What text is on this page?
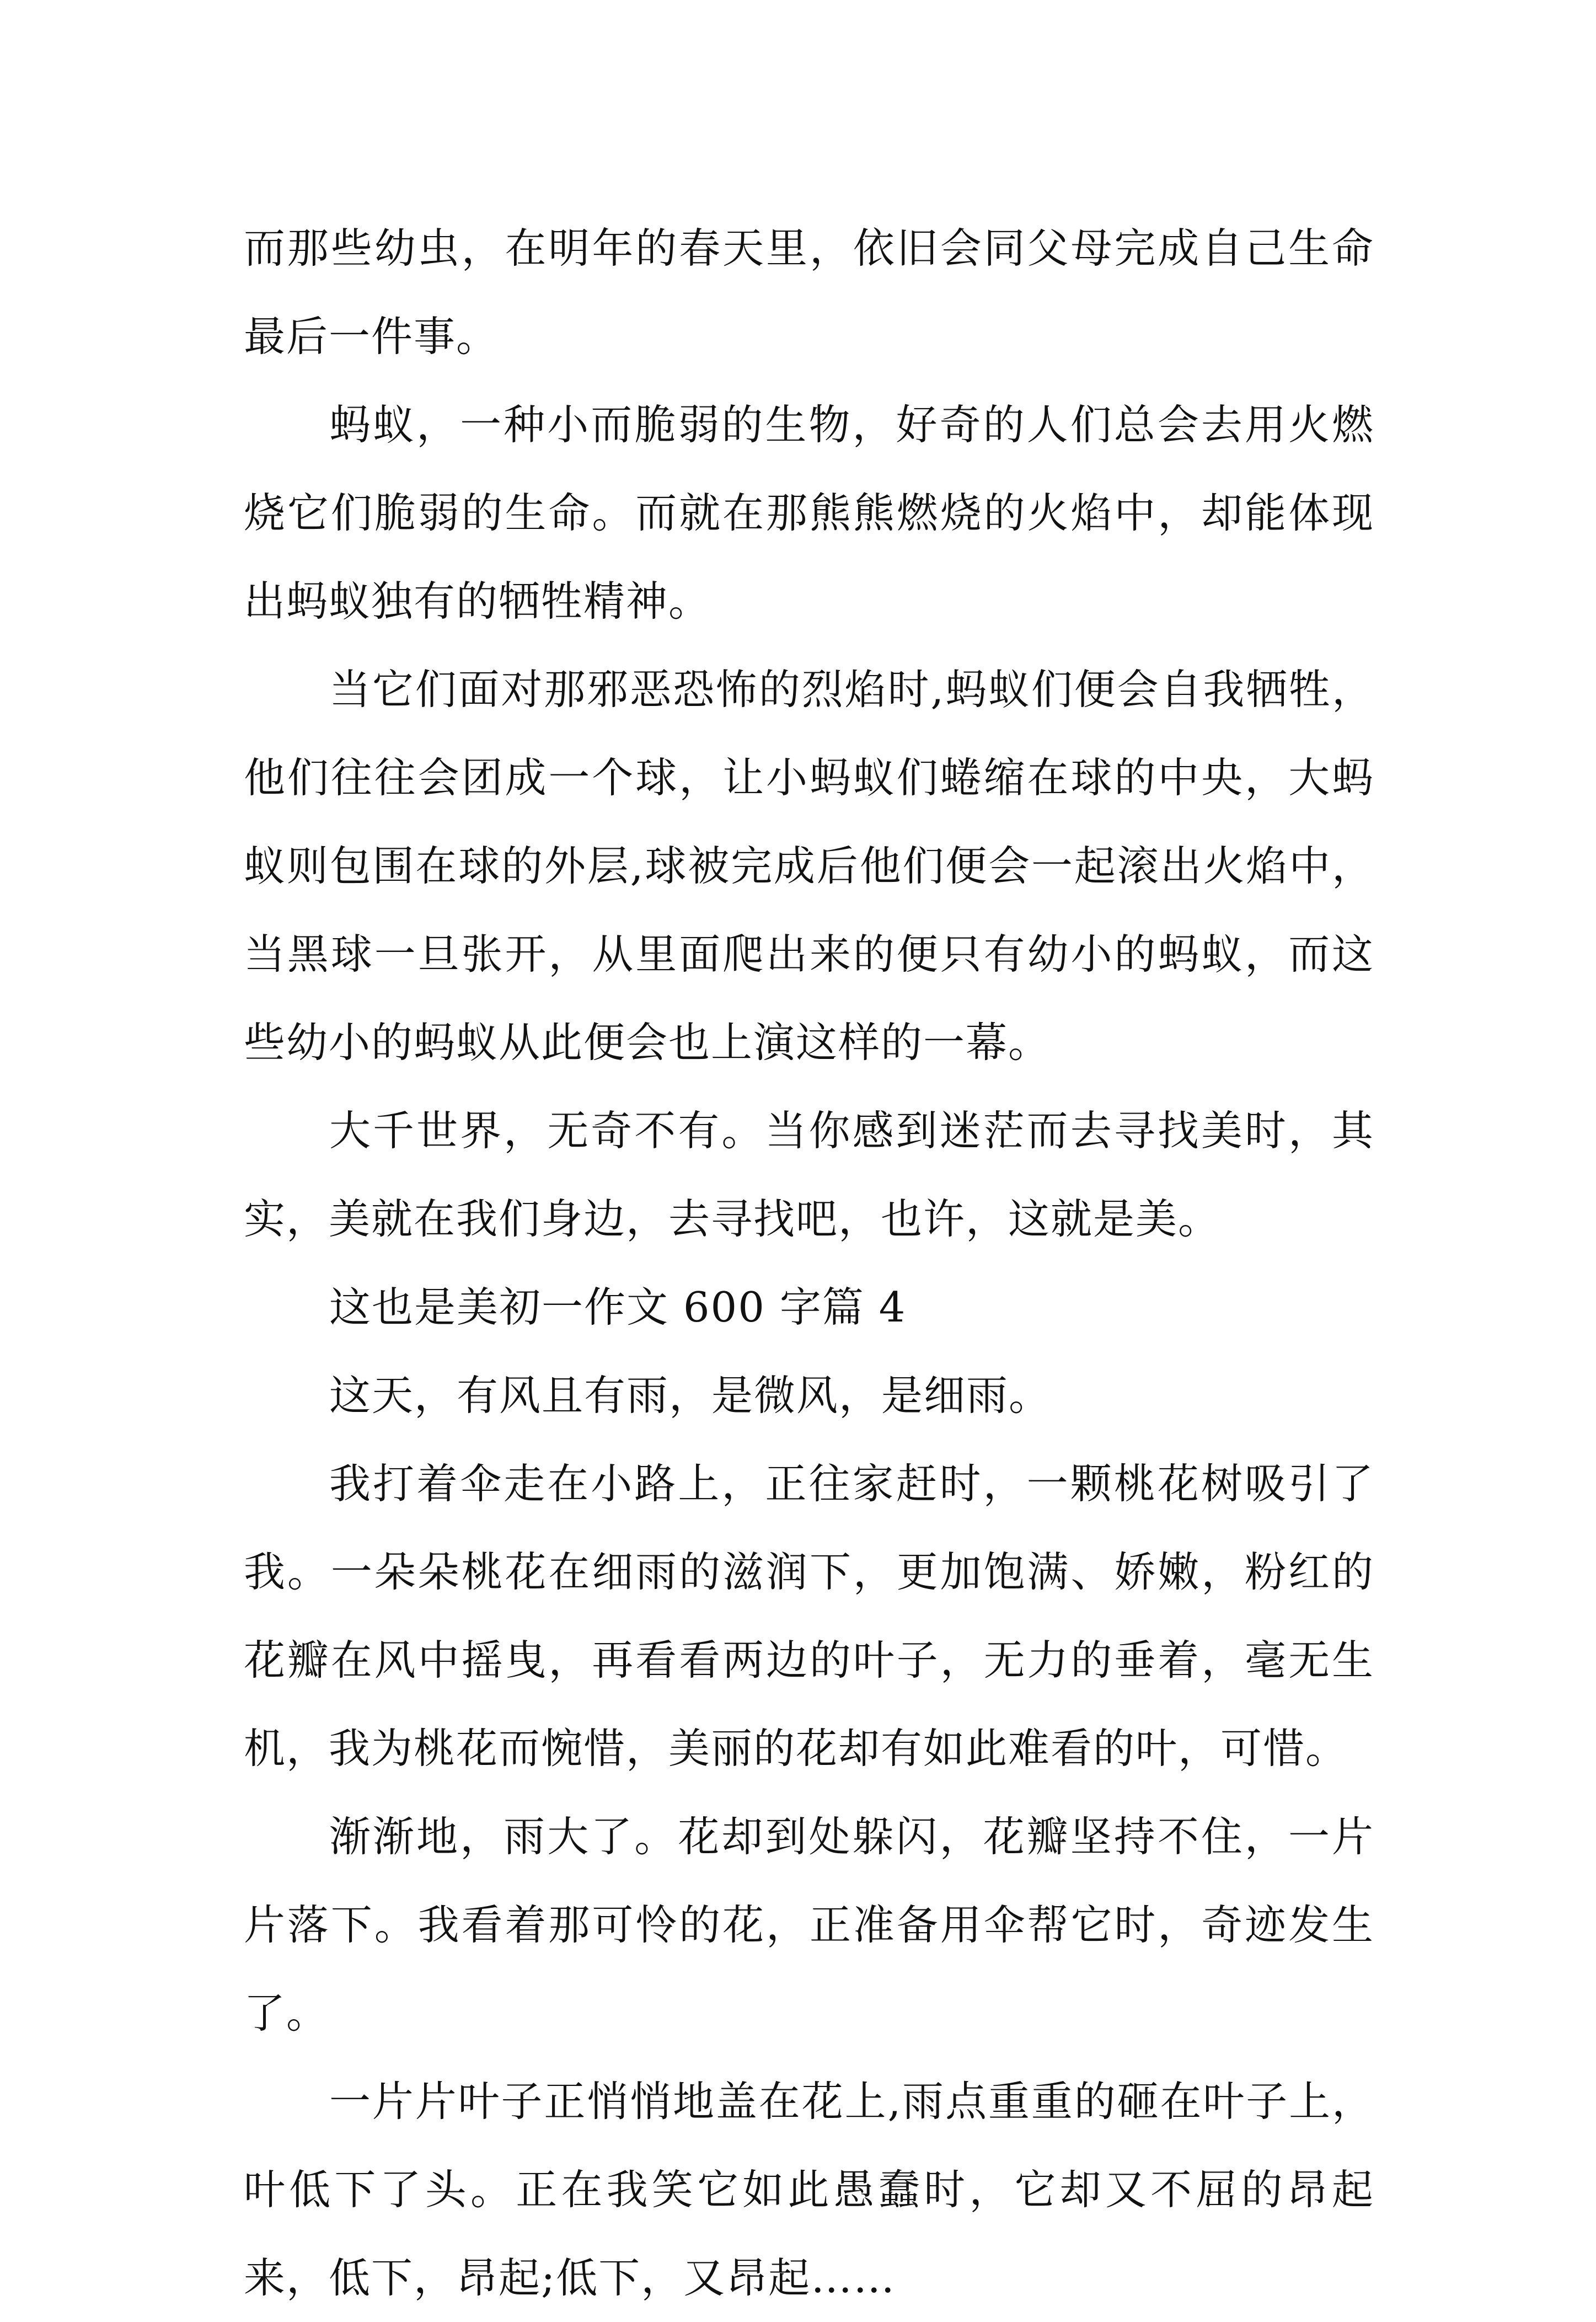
而那些幼虫，在明年的春天里，依旧会同父母完成自己生命最后一件事。

蚂蚁，一种小而脆弱的生物，好奇的人们总会去用火燃烧它们脆弱的生命。而就在那熊熊燃烧的火焰中，却能体现出蚂蚁独有的牺牲精神。

当它们面对那邪恶恐怖的烈焰时,蚂蚁们便会自我牺牲，他们往往会团成一个球，让小蚂蚁们蜷缩在球的中央，大蚂蚁则包围在球的外层,球被完成后他们便会一起滚出火焰中，当黑球一旦张开，从里面爬出来的便只有幼小的蚂蚁，而这些幼小的蚂蚁从此便会也上演这样的一幕。

大千世界，无奇不有。当你感到迷茫而去寻找美时，其实，美就在我们身边，去寻找吧，也许，这就是美。

这也是美初一作文 600 字篇 4

这天，有风且有雨，是微风，是细雨。

我打着伞走在小路上，正往家赶时，一颗桃花树吸引了我。一朵朵桃花在细雨的滋润下，更加饱满、娇嫩，粉红的花瓣在风中摇曳，再看看两边的叶子，无力的垂着，毫无生机，我为桃花而惋惜，美丽的花却有如此难看的叶，可惜。

渐渐地，雨大了。花却到处躲闪，花瓣坚持不住，一片片落下。我看着那可怜的花，正准备用伞帮它时，奇迹发生了。

一片片叶子正悄悄地盖在花上,雨点重重的砸在叶子上，叶低下了头。正在我笑它如此愚蠢时，它却又不屈的昂起来，低下，昂起;低下，又昂起……
